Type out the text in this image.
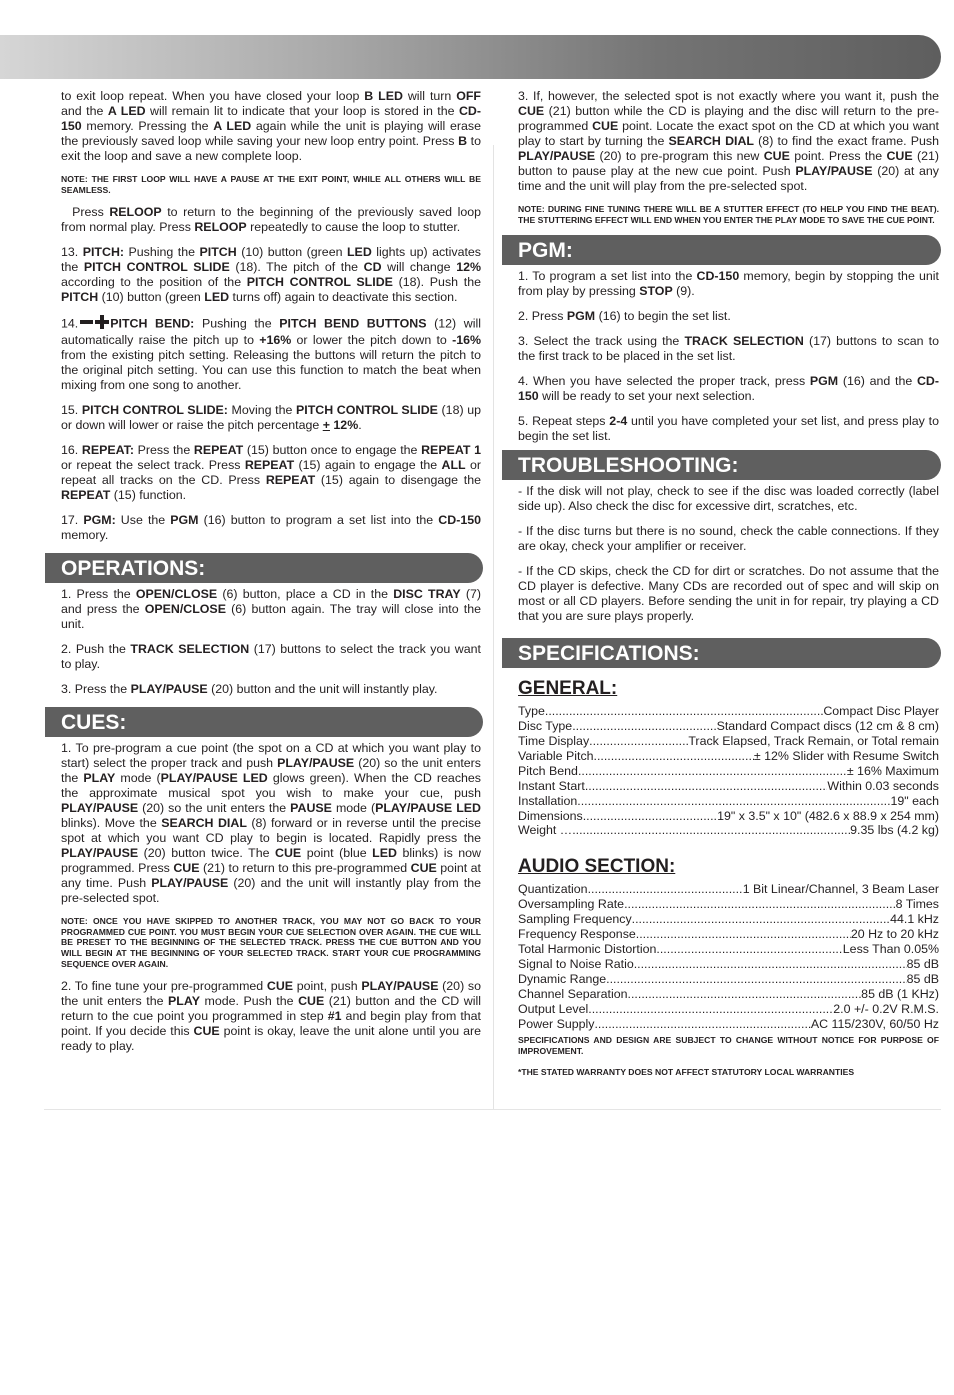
to exit loop repeat. When you have closed your loop B LED will turn OFF and the A LED will remain lit to indicate that your loop is stored in the CD-150 memory. Pressing the A LED again while the unit is playing will erase the previously saved loop while saving your new loop entry point. Press B to exit the loop and save a new complete loop.

NOTE: THE FIRST LOOP WILL HAVE A PAUSE AT THE EXIT POINT, WHILE ALL OTHERS WILL BE SEAMLESS.

Press RELOOP to return to the beginning of the previously saved loop from normal play. Press RELOOP repeatedly to cause the loop to stutter.

13. PITCH: Pushing the PITCH (10) button (green LED lights up) activates the PITCH CONTROL SLIDE (18). The pitch of the CD will change 12% according to the position of the PITCH CONTROL SLIDE (18). Push the PITCH (10) button (green LED turns off) again to deactivate this section.

14.	PITCH BEND: Pushing the PITCH BEND BUTTONS (12) will automatically raise the pitch up to +16% or lower the pitch down to -16% from the existing pitch setting. Releasing the buttons will return the pitch to the original pitch setting. You can use this function to match the beat when mixing from one song to another.

15. PITCH CONTROL SLIDE: Moving the PITCH CONTROL SLIDE (18) up or down will lower or raise the pitch percentage + 12%.

16. REPEAT: Press the REPEAT (15) button once to engage the REPEAT 1 or repeat the select track. Press REPEAT (15) again to engage the ALL or repeat all tracks on the CD. Press REPEAT (15) again to disengage the REPEAT (15) function.

17. PGM: Use the PGM (16) button to program a set list into the CD-150 memory.

OPERATIONS:

1. Press the OPEN/CLOSE (6) button, place a CD in the DISC TRAY (7) and press the OPEN/CLOSE (6) button again. The tray will close into the unit.

2. Push the TRACK SELECTION (17) buttons to select the track you want to play.

3. Press the PLAY/PAUSE (20) button and the unit will instantly play.

CUES:

1. To pre-program a cue point (the spot on a CD at which you want play to start) select the proper track and push PLAY/PAUSE (20) so the unit enters the PLAY mode (PLAY/PAUSE LED glows green). When the CD reaches the approximate musical spot you wish to make your cue, push PLAY/PAUSE (20) so the unit enters the PAUSE mode (PLAY/PAUSE LED blinks). Move the SEARCH DIAL (8) forward or in reverse until the precise spot at which you want CD play to begin is located. Rapidly press the PLAY/PAUSE (20) button twice. The CUE point (blue LED blinks) is now programmed. Press CUE (21) to return to this pre-programmed CUE point at any time. Push PLAY/PAUSE (20) and the unit will instantly play from the pre-selected spot.

NOTE: ONCE YOU HAVE SKIPPED TO ANOTHER TRACK, YOU MAY NOT GO BACK TO YOUR PROGRAMMED CUE POINT. YOU MUST BEGIN YOUR CUE SELECTION OVER AGAIN. THE CUE WILL BE PRESET TO THE BEGINNING OF THE SELECTED TRACK. PRESS THE CUE BUTTON AND YOU WILL BEGIN AT THE BEGINNING OF YOUR SELECTED TRACK. START YOUR CUE PROGRAMMING SEQUENCE OVER AGAIN.

2. To fine tune your pre-programmed CUE point, push PLAY/PAUSE (20) so the unit enters the PLAY mode. Push the CUE (21) button and the CD will return to the cue point you programmed in step #1 and begin play from that point. If you decide this CUE point is okay, leave the unit alone until you are ready to play.

3. If, however, the selected spot is not exactly where you want it, push the CUE (21) button while the CD is playing and the disc will return to the pre-programmed CUE point. Locate the exact spot on the CD at which you want play to start by turning the SEARCH DIAL (8) to find the exact frame. Push PLAY/PAUSE (20) to pre-program this new CUE point. Press the CUE (21) button to pause play at the new cue point. Push PLAY/PAUSE (20) at any time and the unit will play from the pre-selected spot.

NOTE: DURING FINE TUNING THERE WILL BE A STUTTER EFFECT (TO HELP YOU FIND THE BEAT). THE STUTTERING EFFECT WILL END WHEN YOU ENTER THE PLAY MODE TO SAVE THE CUE POINT.

PGM:

1. To program a set list into the CD-150 memory, begin by stopping the unit from play by pressing STOP (9).

2. Press PGM (16) to begin the set list.

3. Select the track using the TRACK SELECTION (17) buttons to scan to the first track to be placed in the set list.

4. When you have selected the proper track, press PGM (16) and the CD-150 will be ready to set your next selection.

5. Repeat steps 2-4 until you have completed your set list, and press play to begin the set list.

TROUBLESHOOTING:

- If the disk will not play, check to see if the disc was loaded correctly (label side up). Also check the disc for excessive dirt, scratches, etc.

- If the disc turns but there is no sound, check the cable connections. If they are okay, check your amplifier or receiver.

- If the CD skips, check the CD for dirt or scratches. Do not assume that the CD player is defective. Many CDs are recorded out of spec and will skip on most or all CD players. Before sending the unit in for repair, try playing a CD that you are sure plays properly.

SPECIFICATIONS:
GENERAL:
Type .....	Compact Disc Player
Disc Type .....	Standard Compact discs (12 cm & 8 cm)
Time Display .....	Track Elapsed, Track Remain, or Total remain
Variable Pitch .....	± 12% Slider with Resume Switch
Pitch Bend .....	± 16% Maximum
Instant Start .....	Within 0.03 seconds
Installation .....	19" each
Dimensions .....	19" x 3.5" x 10" (482.6 x 88.9 x 254 mm)
Weight … .....	9.35 lbs (4.2 kg)
AUDIO SECTION:
Quantization .....	1 Bit Linear/Channel, 3 Beam Laser
Oversampling Rate .....	8 Times
Sampling Frequency .....	44.1 kHz
Frequency Response .....	20 Hz to 20 kHz
Total Harmonic Distortion .....	Less Than 0.05%
Signal to Noise Ratio .....	85 dB
Dynamic Range .....	85 dB
Channel Separation .....	85 dB (1 KHz)
Output Level .....	2.0 +/- 0.2V R.M.S.
Power Supply .....	AC 115/230V, 60/50 Hz

SPECIFICATIONS AND DESIGN ARE SUBJECT TO CHANGE WITHOUT NOTICE FOR PURPOSE OF IMPROVEMENT.

*THE STATED WARRANTY DOES NOT AFFECT STATUTORY LOCAL WARRANTIES
